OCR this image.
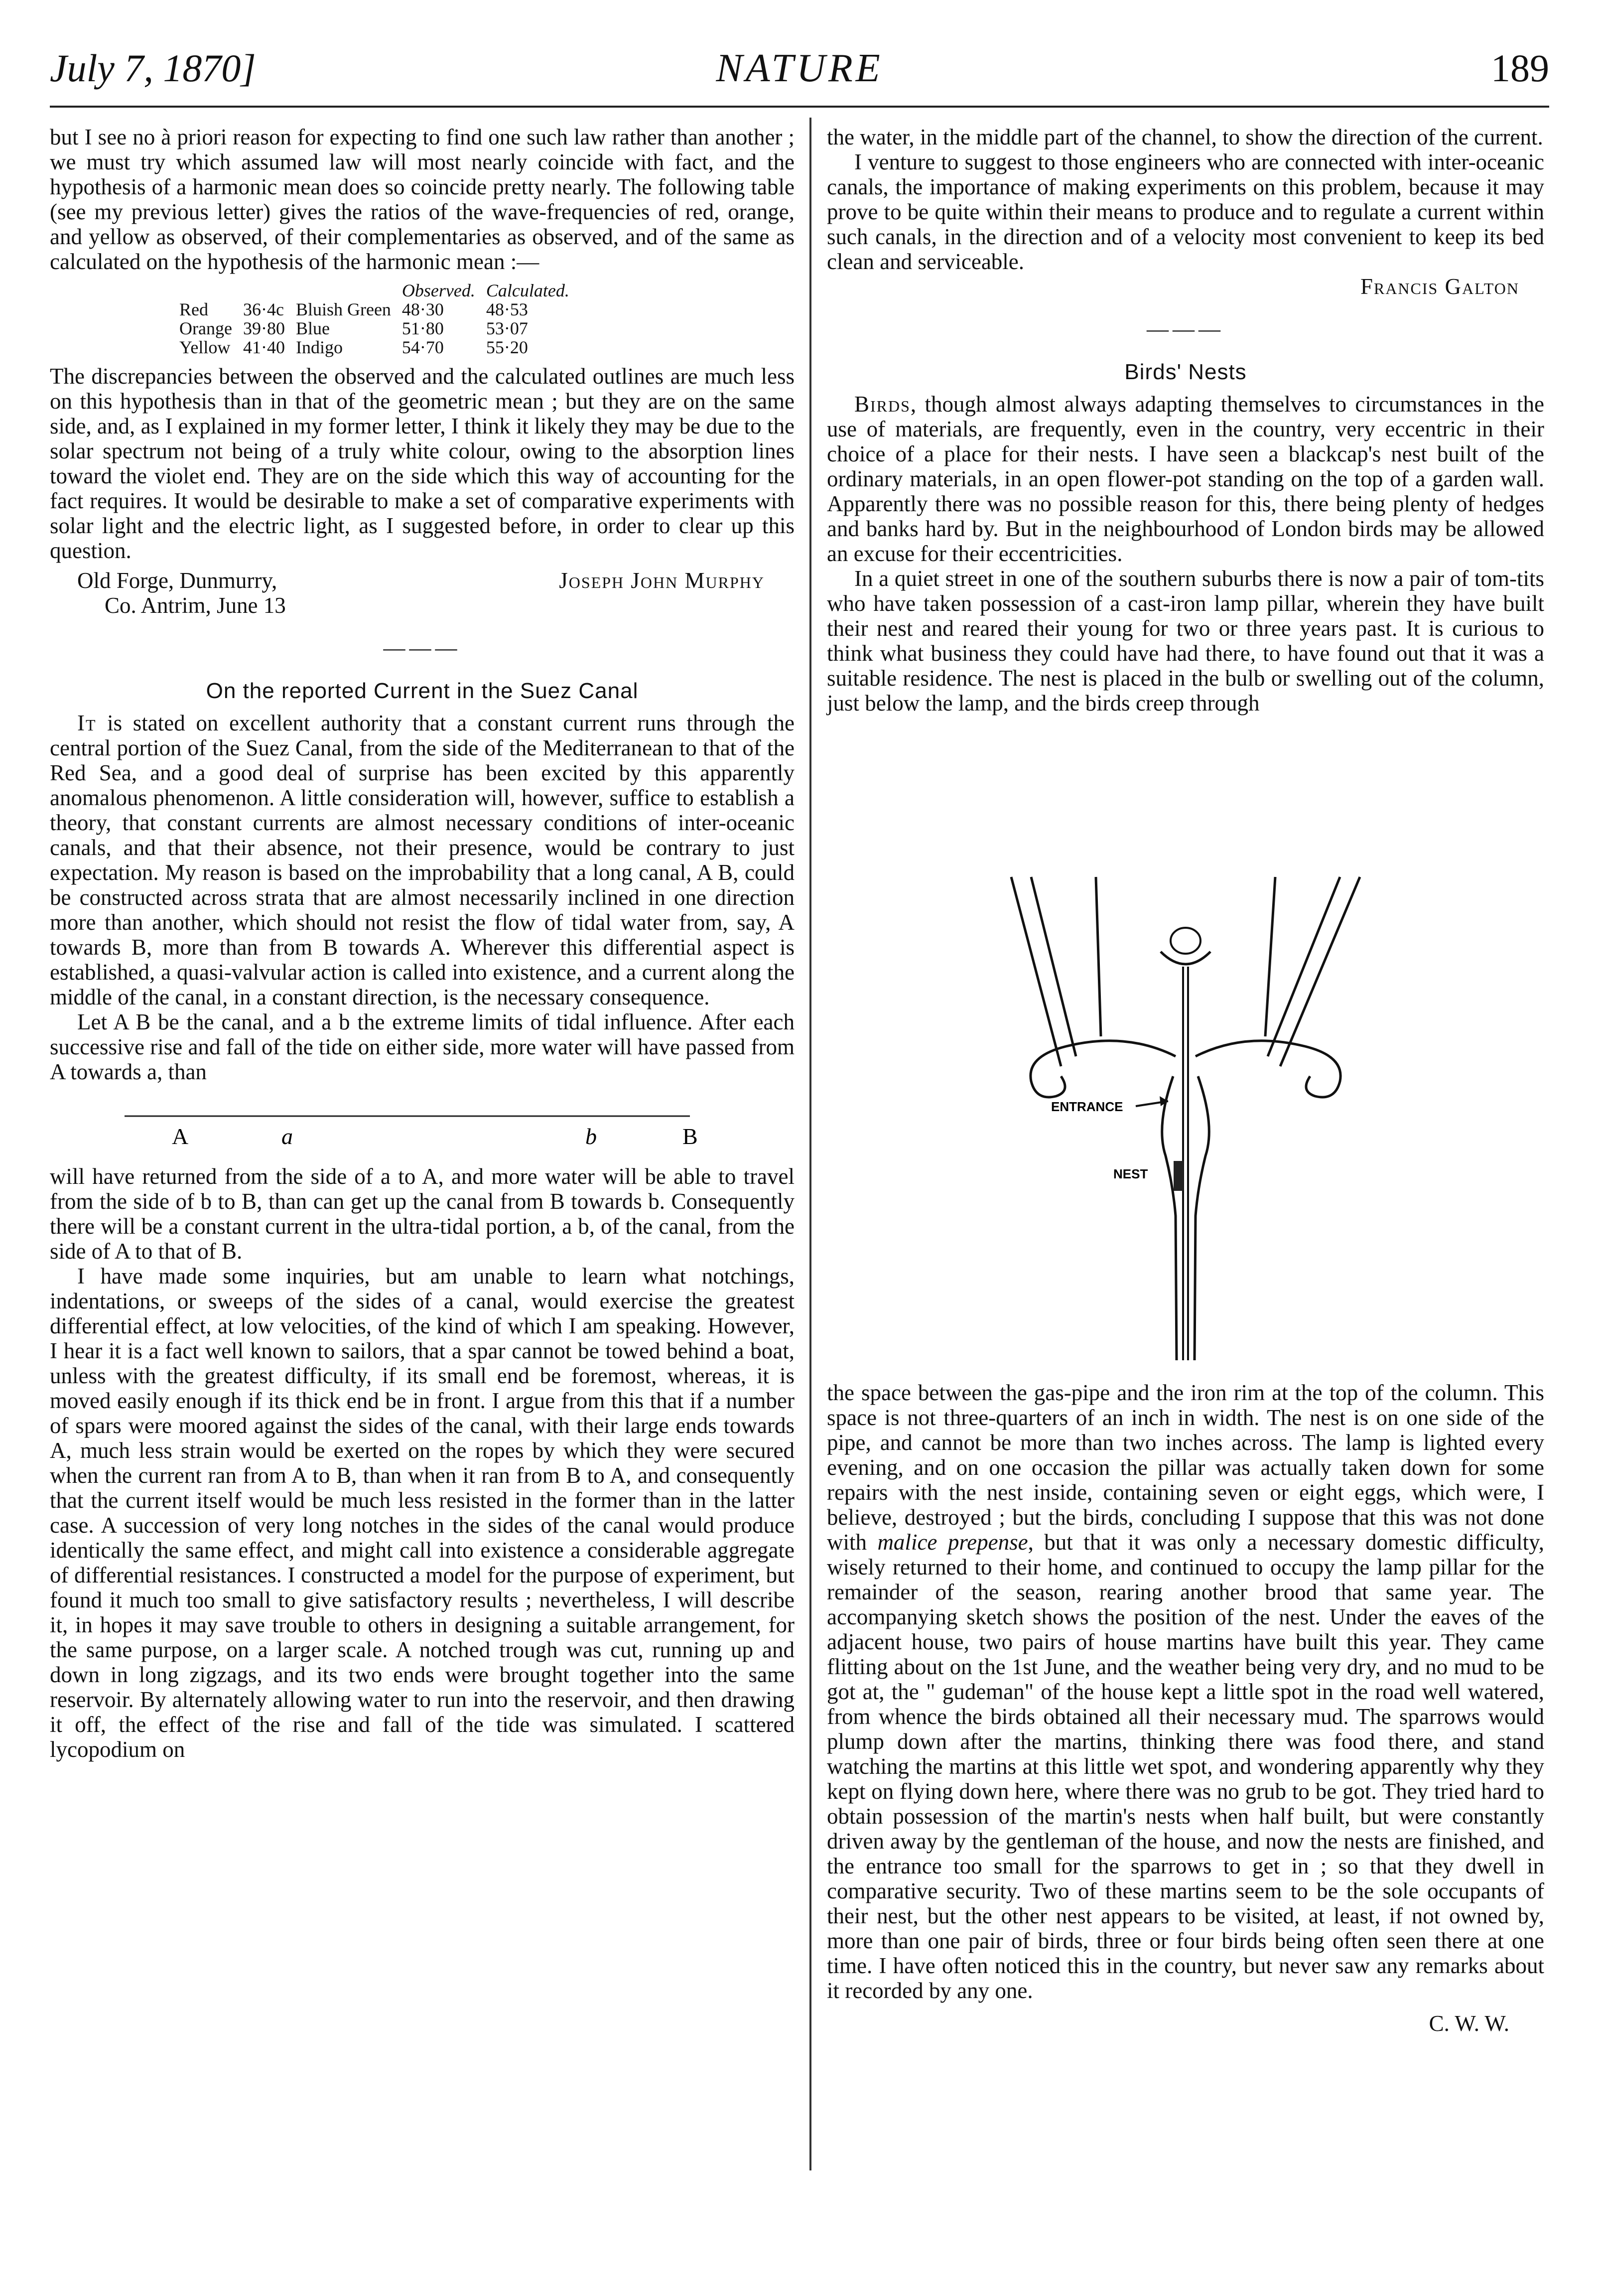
NATURE
July 7, 1870]	189

but I see no à priori reason for expecting to find one such law rather than another ; we must try which assumed law will most nearly coincide with fact, and the hypothesis of a harmonic mean does so coincide pretty nearly. The following table (see my previous letter) gives the ratios of the wave-frequencies of red, orange, and yellow as observed, of their complementaries as observed, and of the same as calculated on the hypothesis of the harmonic mean :—

			Observed.	Calculated.
Red	36·4c	Bluish Green	48·30	48·53
Orange	39·80	Blue	51·80	53·07
Yellow	41·40	Indigo	54·70	55·20

The discrepancies between the observed and the calculated outlines are much less on this hypothesis than in that of the geometric mean ; but they are on the same side, and, as I explained in my former letter, I think it likely they may be due to the solar spectrum not being of a truly white colour, owing to the absorption lines toward the violet end. They are on the side which this way of accounting for the fact requires. It would be desirable to make a set of comparative experiments with solar light and the electric light, as I suggested before, in order to clear up this question.

Old Forge, Dunmurry,	Joseph John Murphy
Co. Antrim, June 13
———
On the reported Current in the Suez Canal

It is stated on excellent authority that a constant current runs through the central portion of the Suez Canal, from the side of the Mediterranean to that of the Red Sea, and a good deal of surprise has been excited by this apparently anomalous phenomenon. A little consideration will, however, suffice to establish a theory, that constant currents are almost necessary conditions of inter-oceanic canals, and that their absence, not their presence, would be contrary to just expectation. My reason is based on the improbability that a long canal, A B, could be constructed across strata that are almost necessarily inclined in one direction more than another, which should not resist the flow of tidal water from, say, A towards B, more than from B towards A. Wherever this differential aspect is established, a quasi-valvular action is called into existence, and a current along the middle of the canal, in a constant direction, is the necessary consequence.

Let A B be the canal, and a b the extreme limits of tidal influence. After each successive rise and fall of the tide on either side, more water will have passed from A towards a, than

A	a	b	B

will have returned from the side of a to A, and more water will be able to travel from the side of b to B, than can get up the canal from B towards b. Consequently there will be a constant current in the ultra-tidal portion, a b, of the canal, from the side of A to that of B.

I have made some inquiries, but am unable to learn what notchings, indentations, or sweeps of the sides of a canal, would exercise the greatest differential effect, at low velocities, of the kind of which I am speaking. However, I hear it is a fact well known to sailors, that a spar cannot be towed behind a boat, unless with the greatest difficulty, if its small end be foremost, whereas, it is moved easily enough if its thick end be in front. I argue from this that if a number of spars were moored against the sides of the canal, with their large ends towards A, much less strain would be exerted on the ropes by which they were secured when the current ran from A to B, than when it ran from B to A, and consequently that the current itself would be much less resisted in the former than in the latter case. A succession of very long notches in the sides of the canal would produce identically the same effect, and might call into existence a considerable aggregate of differential resistances. I constructed a model for the purpose of experiment, but found it much too small to give satisfactory results ; nevertheless, I will describe it, in hopes it may save trouble to others in designing a suitable arrangement, for the same purpose, on a larger scale. A notched trough was cut, running up and down in long zigzags, and its two ends were brought together into the same reservoir. By alternately allowing water to run into the reservoir, and then drawing it off, the effect of the rise and fall of the tide was simulated. I scattered lycopodium on

the water, in the middle part of the channel, to show the direction of the current.

I venture to suggest to those engineers who are connected with inter-oceanic canals, the importance of making experiments on this problem, because it may prove to be quite within their means to produce and to regulate a current within such canals, in the direction and of a velocity most convenient to keep its bed clean and serviceable.

Francis Galton
———
Birds' Nests

Birds, though almost always adapting themselves to circumstances in the use of materials, are frequently, even in the country, very eccentric in their choice of a place for their nests. I have seen a blackcap's nest built of the ordinary materials, in an open flower-pot standing on the top of a garden wall. Apparently there was no possible reason for this, there being plenty of hedges and banks hard by. But in the neighbourhood of London birds may be allowed an excuse for their eccentricities.

In a quiet street in one of the southern suburbs there is now a pair of tom-tits who have taken possession of a cast-iron lamp pillar, wherein they have built their nest and reared their young for two or three years past. It is curious to think what business they could have had there, to have found out that it was a suitable residence. The nest is placed in the bulb or swelling out of the column, just below the lamp, and the birds creep through

ENTRANCE
NEST

the space between the gas-pipe and the iron rim at the top of the column. This space is not three-quarters of an inch in width. The nest is on one side of the pipe, and cannot be more than two inches across. The lamp is lighted every evening, and on one occasion the pillar was actually taken down for some repairs with the nest inside, containing seven or eight eggs, which were, I believe, destroyed ; but the birds, concluding I suppose that this was not done with malice prepense, but that it was only a necessary domestic difficulty, wisely returned to their home, and continued to occupy the lamp pillar for the remainder of the season, rearing another brood that same year. The accompanying sketch shows the position of the nest. Under the eaves of the adjacent house, two pairs of house martins have built this year. They came flitting about on the 1st June, and the weather being very dry, and no mud to be got at, the " gudeman" of the house kept a little spot in the road well watered, from whence the birds obtained all their necessary mud. The sparrows would plump down after the martins, thinking there was food there, and stand watching the martins at this little wet spot, and wondering apparently why they kept on flying down here, where there was no grub to be got. They tried hard to obtain possession of the martin's nests when half built, but were constantly driven away by the gentleman of the house, and now the nests are finished, and the entrance too small for the sparrows to get in ; so that they dwell in comparative security. Two of these martins seem to be the sole occupants of their nest, but the other nest appears to be visited, at least, if not owned by, more than one pair of birds, three or four birds being often seen there at one time. I have often noticed this in the country, but never saw any remarks about it recorded by any one.

C. W. W.
